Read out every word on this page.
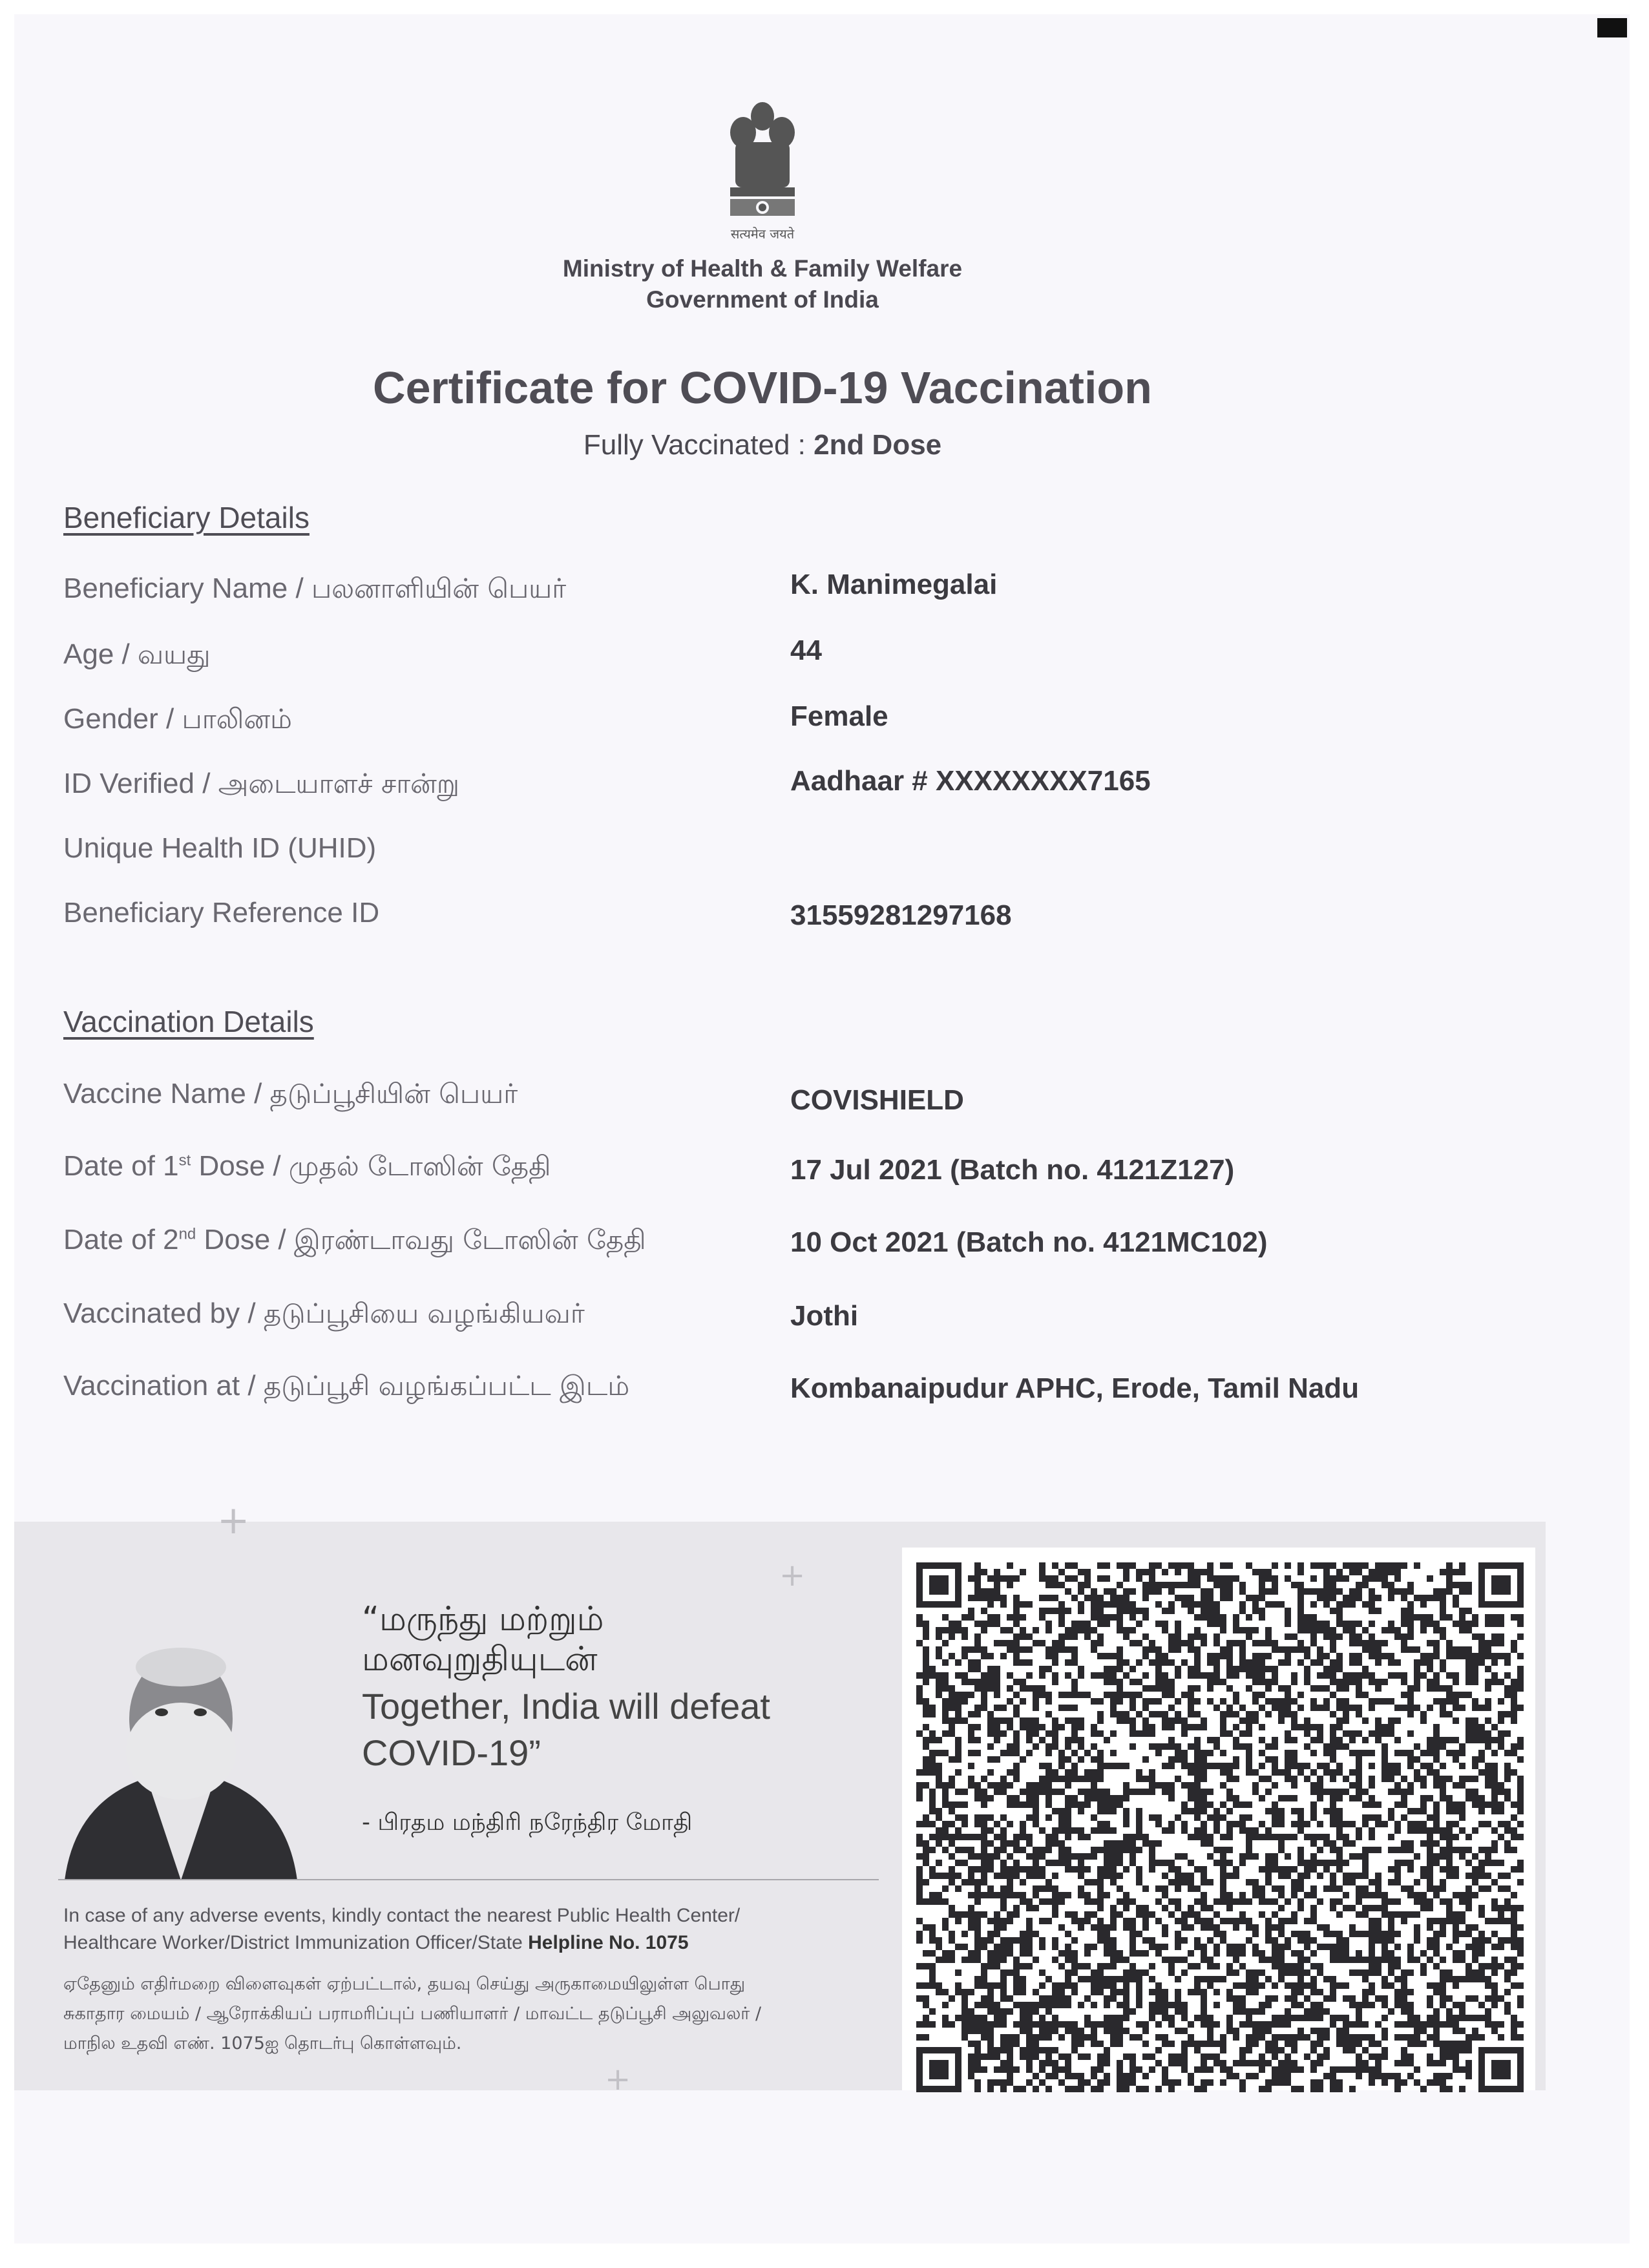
सत्यमेव जयते
Ministry of Health & Family Welfare
Government of India
Certificate for COVID-19 Vaccination
Fully Vaccinated : 2nd Dose
Beneficiary Details
Beneficiary Name / பலனாளியின் பெயர்	K. Manimegalai
Age / வயது	44
Gender / பாலினம்	Female
ID Verified / அடையாளச் சான்று	Aadhaar # XXXXXXXX7165
Unique Health ID (UHID)
Beneficiary Reference ID	31559281297168
Vaccination Details
Vaccine Name / தடுப்பூசியின் பெயர்	COVISHIELD
Date of 1st Dose / முதல் டோஸின் தேதி	17 Jul 2021 (Batch no. 4121Z127)
Date of 2nd Dose / இரண்டாவது டோஸின் தேதி	10 Oct 2021 (Batch no. 4121MC102)
Vaccinated by / தடுப்பூசியை வழங்கியவர்	Jothi
Vaccination at / தடுப்பூசி வழங்கப்பட்ட இடம்	Kombanaipudur APHC, Erode, Tamil Nadu
+
+
+
“மருந்து மற்றும்
மனவுறுதியுடன்
Together, India will defeat
COVID-19”
- பிரதம மந்திரி நரேந்திர மோதி
In case of any adverse events, kindly contact the nearest Public Health Center/
Healthcare Worker/District Immunization Officer/State Helpline No. 1075
ஏதேனும் எதிர்மறை விளைவுகள் ஏற்பட்டால், தயவு செய்து அருகாமையிலுள்ள பொது
சுகாதார மையம் / ஆரோக்கியப் பராமரிப்புப் பணியாளர் / மாவட்ட தடுப்பூசி அலுவலர் /
மாநில உதவி எண். 1075ஐ தொடர்பு கொள்ளவும்.
